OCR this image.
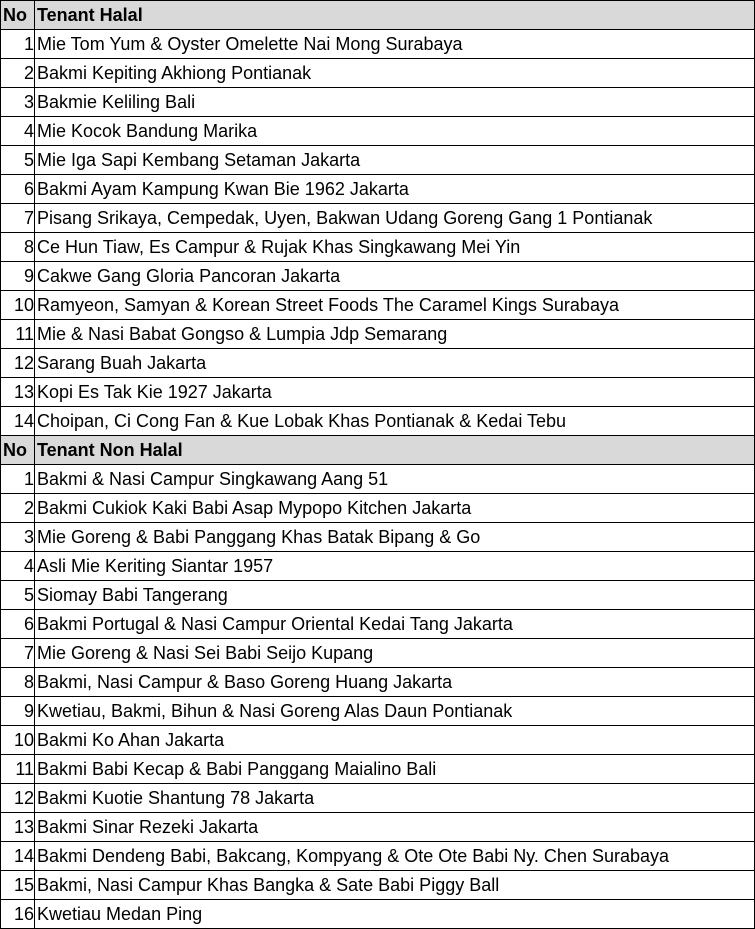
No	Tenant Halal
1	Mie Tom Yum & Oyster Omelette Nai Mong Surabaya
2	Bakmi Kepiting Akhiong Pontianak
3	Bakmie Keliling Bali
4	Mie Kocok Bandung Marika
5	Mie Iga Sapi Kembang Setaman Jakarta
6	Bakmi Ayam Kampung Kwan Bie 1962 Jakarta
7	Pisang Srikaya, Cempedak, Uyen, Bakwan Udang Goreng Gang 1 Pontianak
8	Ce Hun Tiaw, Es Campur & Rujak Khas Singkawang Mei Yin
9	Cakwe Gang Gloria Pancoran Jakarta
10	Ramyeon, Samyan & Korean Street Foods The Caramel Kings Surabaya
11	Mie & Nasi Babat Gongso & Lumpia Jdp Semarang
12	Sarang Buah Jakarta
13	Kopi Es Tak Kie 1927 Jakarta
14	Choipan, Ci Cong Fan & Kue Lobak Khas Pontianak & Kedai Tebu
No	Tenant Non Halal
1	Bakmi & Nasi Campur Singkawang Aang 51
2	Bakmi Cukiok Kaki Babi Asap Mypopo Kitchen Jakarta
3	Mie Goreng & Babi Panggang Khas Batak Bipang & Go
4	Asli Mie Keriting Siantar 1957
5	Siomay Babi Tangerang
6	Bakmi Portugal & Nasi Campur Oriental Kedai Tang Jakarta
7	Mie Goreng & Nasi Sei Babi Seijo Kupang
8	Bakmi, Nasi Campur & Baso Goreng Huang Jakarta
9	Kwetiau, Bakmi, Bihun & Nasi Goreng Alas Daun Pontianak
10	Bakmi Ko Ahan Jakarta
11	Bakmi Babi Kecap & Babi Panggang Maialino Bali
12	Bakmi Kuotie Shantung 78 Jakarta
13	Bakmi Sinar Rezeki Jakarta
14	Bakmi Dendeng Babi, Bakcang, Kompyang & Ote Ote Babi Ny. Chen Surabaya
15	Bakmi, Nasi Campur Khas Bangka & Sate Babi Piggy Ball
16	Kwetiau Medan Ping
